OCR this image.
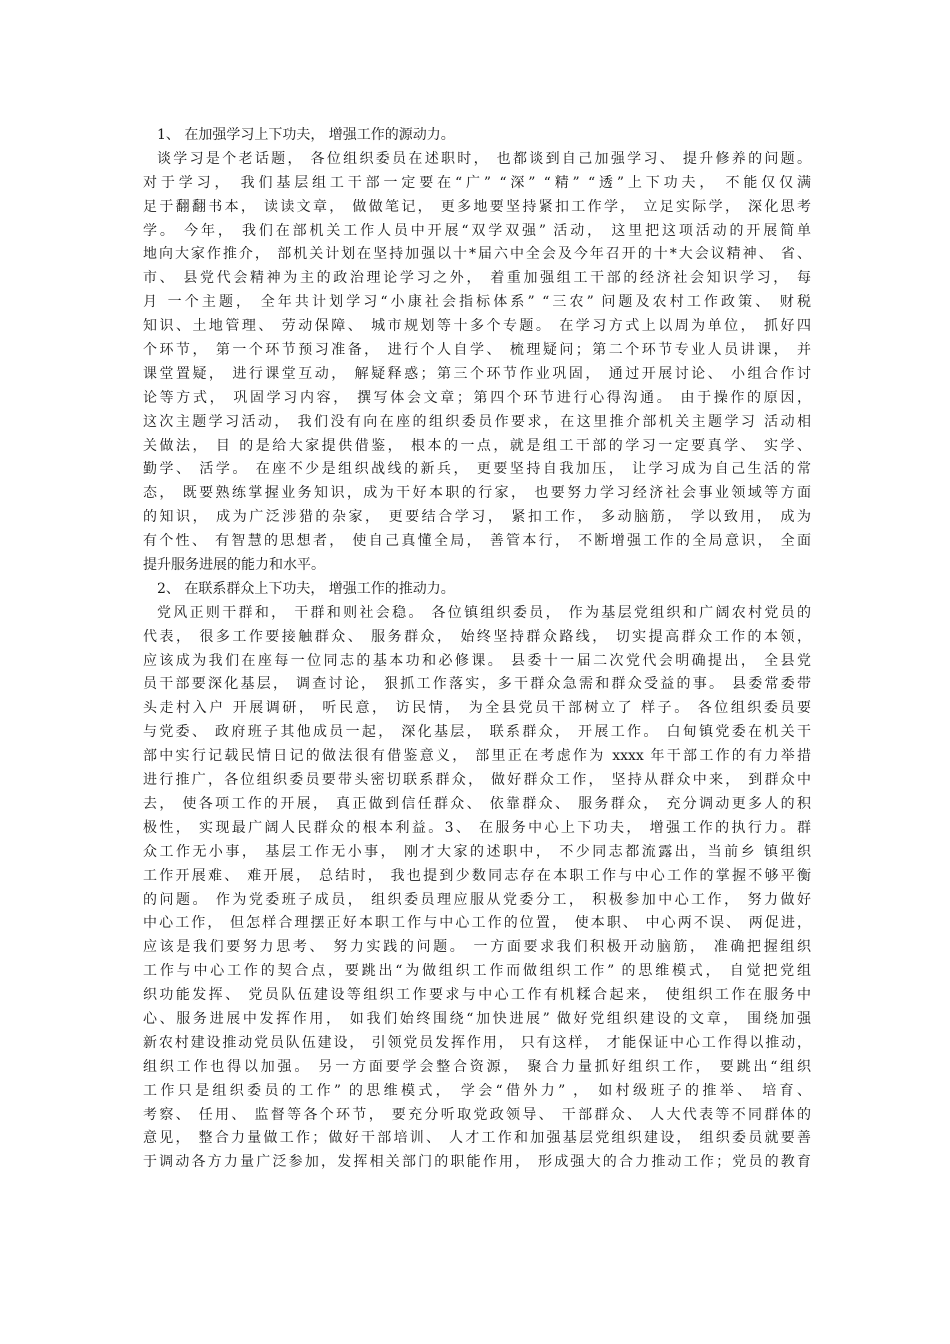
1、 在加强学习上下功夫， 增强工作的源动力。
谈学习是个老话题， 各位组织委员在述职时， 也都谈到自己加强学习、 提升修养的问题。
对于学习， 我们基层组工干部一定要在“广” “深” “精” “透”上下功夫， 不能仅仅满
足于翻翻书本， 读读文章， 做做笔记， 更多地要坚持紧扣工作学， 立足实际学， 深化思考
学。 今年， 我们在部机关工作人员中开展“双学双强” 活动， 这里把这项活动的开展简单
地向大家作推介， 部机关计划在坚持加强以十*届六中全会及今年召开的十*大会议精神、 省、
市、 县党代会精神为主的政治理论学习之外， 着重加强组工干部的经济社会知识学习， 每
月 一个主题， 全年共计划学习“小康社会指标体系” “三农” 问题及农村工作政策、 财税
知识、土地管理、 劳动保障、 城市规划等十多个专题。 在学习方式上以周为单位， 抓好四
个环节， 第一个环节预习准备， 进行个人自学、 梳理疑问；第二个环节专业人员讲课， 并
课堂置疑， 进行课堂互动， 解疑释惑；第三个环节作业巩固， 通过开展讨论、 小组合作讨
论等方式， 巩固学习内容， 撰写体会文章；第四个环节进行心得沟通。 由于操作的原因，
这次主题学习活动， 我们没有向在座的组织委员作要求，在这里推介部机关主题学习 活动相
关做法， 目 的是给大家提供借鉴， 根本的一点，就是组工干部的学习一定要真学、 实学、
勤学、 活学。 在座不少是组织战线的新兵， 更要坚持自我加压， 让学习成为自己生活的常
态， 既要熟练掌握业务知识，成为干好本职的行家， 也要努力学习经济社会事业领域等方面
的知识， 成为广泛涉猎的杂家， 更要结合学习， 紧扣工作， 多动脑筋， 学以致用， 成为
有个性、 有智慧的思想者， 使自己真懂全局， 善管本行， 不断增强工作的全局意识， 全面
提升服务进展的能力和水平。
2、 在联系群众上下功夫， 增强工作的推动力。
党风正则干群和， 干群和则社会稳。 各位镇组织委员， 作为基层党组织和广阔农村党员的
代表， 很多工作要接触群众、 服务群众， 始终坚持群众路线， 切实提高群众工作的本领，
应该成为我们在座每一位同志的基本功和必修课。 县委十一届二次党代会明确提出， 全县党
员干部要深化基层， 调查讨论， 狠抓工作落实，多干群众急需和群众受益的事。 县委常委带
头走村入户 开展调研， 听民意， 访民情， 为全县党员干部树立了 样子。 各位组织委员要
与党委、 政府班子其他成员一起， 深化基层， 联系群众， 开展工作。 白甸镇党委在机关干
部中实行记载民情日记的做法很有借鉴意义， 部里正在考虑作为 xxxx 年干部工作的有力举措
进行推广，各位组织委员要带头密切联系群众， 做好群众工作， 坚持从群众中来， 到群众中
去， 使各项工作的开展， 真正做到信任群众、 依靠群众、 服务群众， 充分调动更多人的积
极性， 实现最广阔人民群众的根本利益。3、 在服务中心上下功夫， 增强工作的执行力。群
众工作无小事， 基层工作无小事， 刚才大家的述职中， 不少同志都流露出，当前乡 镇组织
工作开展难、 难开展， 总结时， 我也提到少数同志存在本职工作与中心工作的掌握不够平衡
的问题。 作为党委班子成员， 组织委员理应服从党委分工， 积极参加中心工作， 努力做好
中心工作， 但怎样合理摆正好本职工作与中心工作的位置， 使本职、 中心两不误、 两促进，
应该是我们要努力思考、 努力实践的问题。 一方面要求我们积极开动脑筋， 准确把握组织
工作与中心工作的契合点，要跳出“为做组织工作而做组织工作” 的思维模式， 自觉把党组
织功能发挥、 党员队伍建设等组织工作要求与中心工作有机糅合起来， 使组织工作在服务中
心、服务进展中发挥作用， 如我们始终围绕“加快进展” 做好党组织建设的文章， 围绕加强
新农村建设推动党员队伍建设， 引领党员发挥作用， 只有这样， 才能保证中心工作得以推动，
组织工作也得以加强。 另一方面要学会整合资源， 聚合力量抓好组织工作， 要跳出“组织
工作只是组织委员的工作” 的思维模式， 学会“借外力” ， 如村级班子的推举、 培育、
考察、 任用、 监督等各个环节， 要充分听取党政领导、 干部群众、 人大代表等不同群体的
意见， 整合力量做工作；做好干部培训、 人才工作和加强基层党组织建设， 组织委员就要善
于调动各方力量广泛参加，发挥相关部门的职能作用， 形成强大的合力推动工作；党员的教育
